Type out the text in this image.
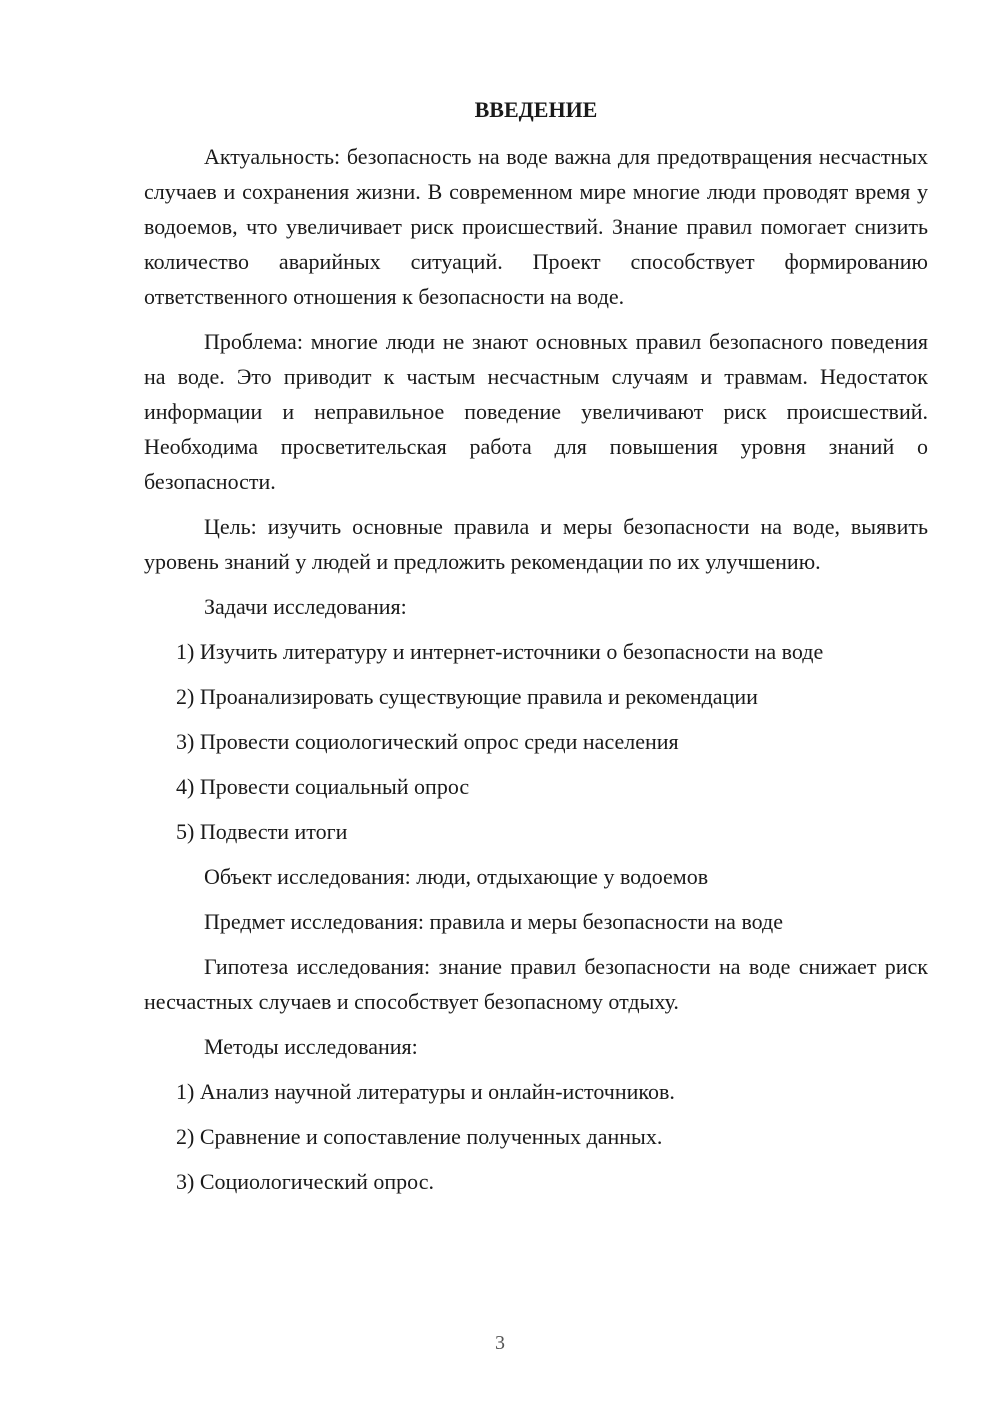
ВВЕДЕНИЕ

Актуальность: безопасность на воде важна для предотвращения несчастных случаев и сохранения жизни. В современном мире многие люди проводят время у водоемов, что увеличивает риск происшествий. Знание правил помогает снизить количество аварийных ситуаций. Проект способствует формированию ответственного отношения к безопасности на воде.

Проблема: многие люди не знают основных правил безопасного поведения на воде. Это приводит к частым несчастным случаям и травмам. Недостаток информации и неправильное поведение увеличивают риск происшествий. Необходима просветительская работа для повышения уровня знаний о безопасности.

Цель: изучить основные правила и меры безопасности на воде, выявить уровень знаний у людей и предложить рекомендации по их улучшению.

Задачи исследования:

1) Изучить литературу и интернет-источники о безопасности на воде

2) Проанализировать существующие правила и рекомендации

3) Провести социологический опрос среди населения

4) Провести социальный опрос

5) Подвести итоги

Объект исследования: люди, отдыхающие у водоемов

Предмет исследования: правила и меры безопасности на воде

Гипотеза исследования: знание правил безопасности на воде снижает риск несчастных случаев и способствует безопасному отдыху.

Методы исследования:

1) Анализ научной литературы и онлайн-источников.

2) Сравнение и сопоставление полученных данных.

3) Социологический опрос.

3
